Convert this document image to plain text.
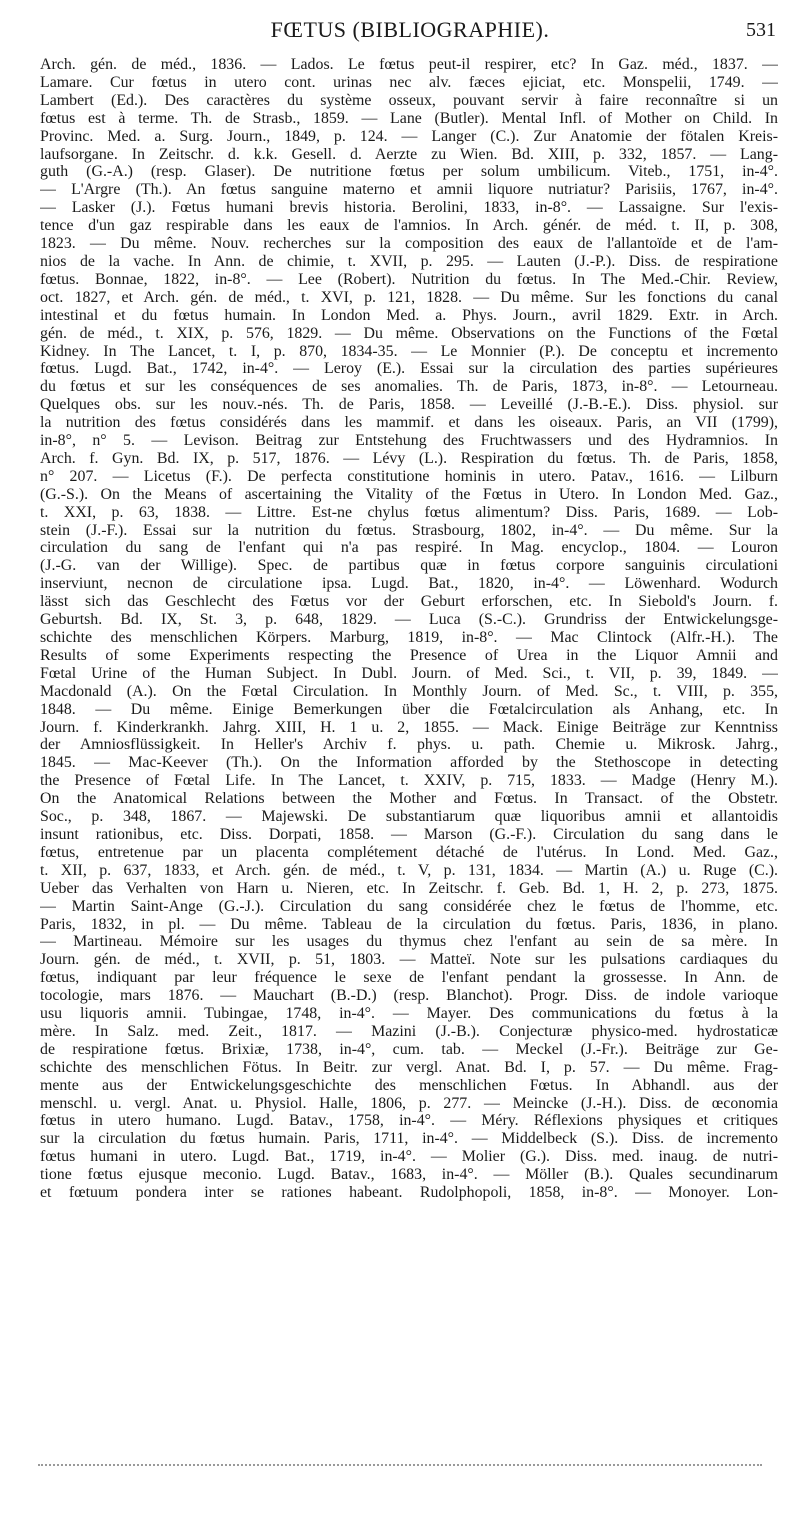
FŒTUS (BIBLIOGRAPHIE).	531
Arch. gén. de méd., 1836. — Lados. Le fœtus peut-il respirer, etc? In Gaz. méd., 1837. —
Lamare. Cur fœtus in utero cont. urinas nec alv. fæces ejiciat, etc. Monspelii, 1749. —
Lambert (Ed.). Des caractères du système osseux, pouvant servir à faire reconnaître si un
fœtus est à terme. Th. de Strasb., 1859. — Lane (Butler). Mental Infl. of Mother on Child. In
Provinc. Med. a. Surg. Journ., 1849, p. 124. — Langer (C.). Zur Anatomie der fötalen Kreis-
laufsorgane. In Zeitschr. d. k.k. Gesell. d. Aerzte zu Wien. Bd. XIII, p. 332, 1857. — Lang-
guth (G.-A.) (resp. Glaser). De nutritione fœtus per solum umbilicum. Viteb., 1751, in-4°.
— L'Argre (Th.). An fœtus sanguine materno et amnii liquore nutriatur? Parisiis, 1767, in-4°.
— Lasker (J.). Fœtus humani brevis historia. Berolini, 1833, in-8°. — Lassaigne. Sur l'exis-
tence d'un gaz respirable dans les eaux de l'amnios. In Arch. génér. de méd. t. II, p. 308,
1823. — Du même. Nouv. recherches sur la composition des eaux de l'allantoïde et de l'am-
nios de la vache. In Ann. de chimie, t. XVII, p. 295. — Lauten (J.-P.). Diss. de respiratione
fœtus. Bonnae, 1822, in-8°. — Lee (Robert). Nutrition du fœtus. In The Med.-Chir. Review,
oct. 1827, et Arch. gén. de méd., t. XVI, p. 121, 1828. — Du même. Sur les fonctions du canal
intestinal et du fœtus humain. In London Med. a. Phys. Journ., avril 1829. Extr. in Arch.
gén. de méd., t. XIX, p. 576, 1829. — Du même. Observations on the Functions of the Fœtal
Kidney. In The Lancet, t. I, p. 870, 1834-35. — Le Monnier (P.). De conceptu et incremento
fœtus. Lugd. Bat., 1742, in-4°. — Leroy (E.). Essai sur la circulation des parties supérieures
du fœtus et sur les conséquences de ses anomalies. Th. de Paris, 1873, in-8°. — Letourneau.
Quelques obs. sur les nouv.-nés. Th. de Paris, 1858. — Leveillé (J.-B.-E.). Diss. physiol. sur
la nutrition des fœtus considérés dans les mammif. et dans les oiseaux. Paris, an VII (1799),
in-8°, n° 5. — Levison. Beitrag zur Entstehung des Fruchtwassers und des Hydramnios. In
Arch. f. Gyn. Bd. IX, p. 517, 1876. — Lévy (L.). Respiration du fœtus. Th. de Paris, 1858,
n° 207. — Licetus (F.). De perfecta constitutione hominis in utero. Patav., 1616. — Lilburn
(G.-S.). On the Means of ascertaining the Vitality of the Fœtus in Utero. In London Med. Gaz.,
t. XXI, p. 63, 1838. — Littre. Est-ne chylus fœtus alimentum? Diss. Paris, 1689. — Lob-
stein (J.-F.). Essai sur la nutrition du fœtus. Strasbourg, 1802, in-4°. — Du même. Sur la
circulation du sang de l'enfant qui n'a pas respiré. In Mag. encyclop., 1804. — Louron
(J.-G. van der Willige). Spec. de partibus quæ in fœtus corpore sanguinis circulationi
inserviunt, necnon de circulatione ipsa. Lugd. Bat., 1820, in-4°. — Löwenhard. Wodurch
lässt sich das Geschlecht des Fœtus vor der Geburt erforschen, etc. In Siebold's Journ. f.
Geburtsh. Bd. IX, St. 3, p. 648, 1829. — Luca (S.-C.). Grundriss der Entwickelungsge-
schichte des menschlichen Körpers. Marburg, 1819, in-8°. — Mac Clintock (Alfr.-H.). The
Results of some Experiments respecting the Presence of Urea in the Liquor Amnii and
Fœtal Urine of the Human Subject. In Dubl. Journ. of Med. Sci., t. VII, p. 39, 1849. —
Macdonald (A.). On the Fœtal Circulation. In Monthly Journ. of Med. Sc., t. VIII, p. 355,
1848. — Du même. Einige Bemerkungen über die Fœtalcirculation als Anhang, etc. In
Journ. f. Kinderkrankh. Jahrg. XIII, H. 1 u. 2, 1855. — Mack. Einige Beiträge zur Kenntniss
der Amniosflüssigkeit. In Heller's Archiv f. phys. u. path. Chemie u. Mikrosk. Jahrg.,
1845. — Mac-Keever (Th.). On the Information afforded by the Stethoscope in detecting
the Presence of Fœtal Life. In The Lancet, t. XXIV, p. 715, 1833. — Madge (Henry M.).
On the Anatomical Relations between the Mother and Fœtus. In Transact. of the Obstetr.
Soc., p. 348, 1867. — Majewski. De substantiarum quæ liquoribus amnii et allantoidis
insunt rationibus, etc. Diss. Dorpati, 1858. — Marson (G.-F.). Circulation du sang dans le
fœtus, entretenue par un placenta complétement détaché de l'utérus. In Lond. Med. Gaz.,
t. XII, p. 637, 1833, et Arch. gén. de méd., t. V, p. 131, 1834. — Martin (A.) u. Ruge (C.).
Ueber das Verhalten von Harn u. Nieren, etc. In Zeitschr. f. Geb. Bd. 1, H. 2, p. 273, 1875.
— Martin Saint-Ange (G.-J.). Circulation du sang considérée chez le fœtus de l'homme, etc.
Paris, 1832, in pl. — Du même. Tableau de la circulation du fœtus. Paris, 1836, in plano.
— Martineau. Mémoire sur les usages du thymus chez l'enfant au sein de sa mère. In
Journ. gén. de méd., t. XVII, p. 51, 1803. — Matteï. Note sur les pulsations cardiaques du
fœtus, indiquant par leur fréquence le sexe de l'enfant pendant la grossesse. In Ann. de
tocologie, mars 1876. — Mauchart (B.-D.) (resp. Blanchot). Progr. Diss. de indole varioque
usu liquoris amnii. Tubingae, 1748, in-4°. — Mayer. Des communications du fœtus à la
mère. In Salz. med. Zeit., 1817. — Mazini (J.-B.). Conjecturæ physico-med. hydrostaticæ
de respiratione fœtus. Brixiæ, 1738, in-4°, cum. tab. — Meckel (J.-Fr.). Beiträge zur Ge-
schichte des menschlichen Fötus. In Beitr. zur vergl. Anat. Bd. I, p. 57. — Du même. Frag-
mente aus der Entwickelungsgeschichte des menschlichen Fœtus. In Abhandl. aus der
menschl. u. vergl. Anat. u. Physiol. Halle, 1806, p. 277. — Meincke (J.-H.). Diss. de œconomia
fœtus in utero humano. Lugd. Batav., 1758, in-4°. — Méry. Réflexions physiques et critiques
sur la circulation du fœtus humain. Paris, 1711, in-4°. — Middelbeck (S.). Diss. de incremento
fœtus humani in utero. Lugd. Bat., 1719, in-4°. — Molier (G.). Diss. med. inaug. de nutri-
tione fœtus ejusque meconio. Lugd. Batav., 1683, in-4°. — Möller (B.). Quales secundinarum
et fœtuum pondera inter se rationes habeant. Rudolphopoli, 1858, in-8°. — Monoyer. Lon-
